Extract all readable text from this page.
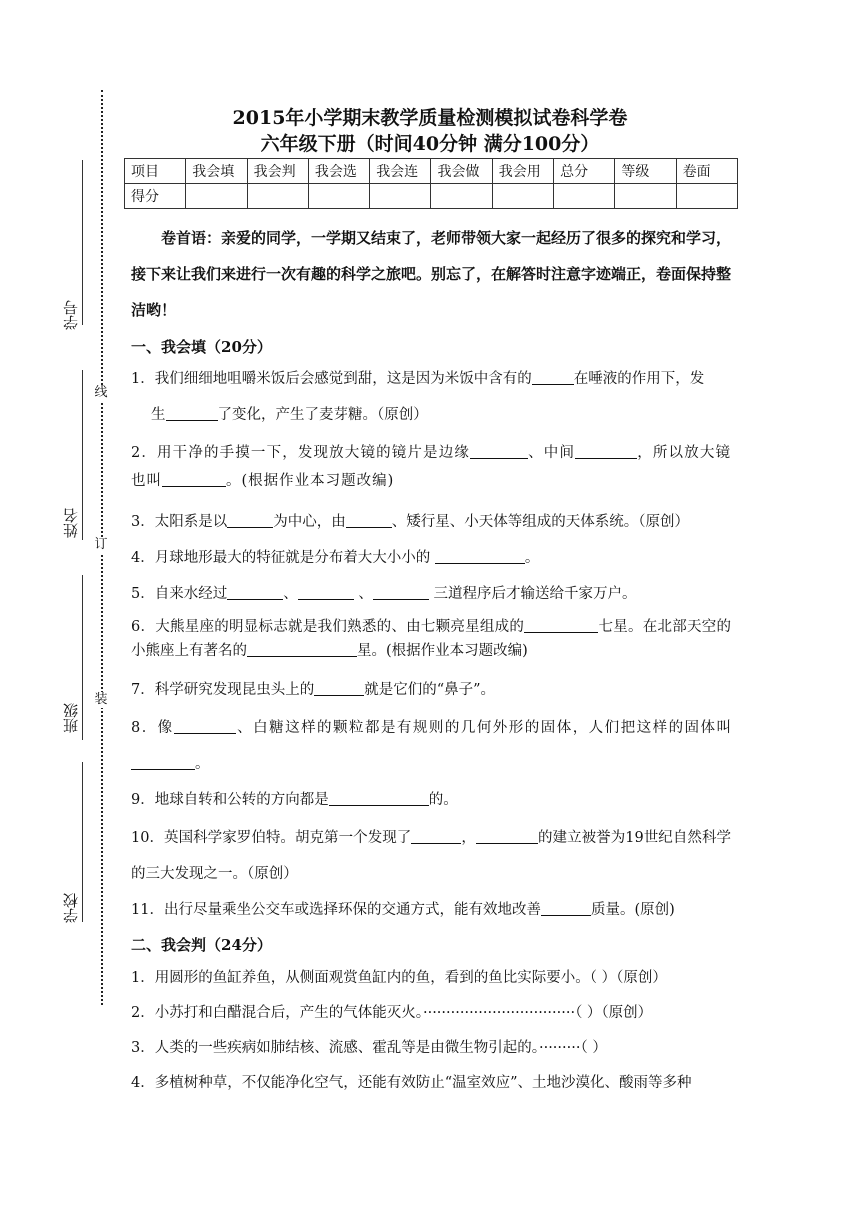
学号
姓名
班级
学校
线
订
装
2015年小学期末教学质量检测模拟试卷科学卷
六年级下册（时间40分钟 满分100分）
项目	我会填	我会判	我会选	我会连	我会做	我会用	总分	等级	卷面
得分									

卷首语：亲爱的同学，一学期又结束了，老师带领大家一起经历了很多的探究和学习，接下来让我们来进行一次有趣的科学之旅吧。别忘了，在解答时注意字迹端正，卷面保持整洁哟！

一、我会填（20分）
1．我们细细地咀嚼米饭后会感觉到甜，这是因为米饭中含有的	在唾液的作用下，发
生	了变化，产生了麦芽糖。（原创）
2．用干净的手摸一下，发现放大镜的镜片是边缘	、中间	，所以放大镜也叫	。(根据作业本习题改编)
3．太阳系是以	为中心，由	、矮行星、小天体等组成的天体系统。（原创）
4．月球地形最大的特征就是分布着大大小小的	。
5．自来水经过	、	、	三道程序后才输送给千家万户。
6．大熊星座的明显标志就是我们熟悉的、由七颗亮星组成的	七星。在北部天空的小熊座上有著名的	星。(根据作业本习题改编)
7．科学研究发现昆虫头上的	就是它们的“鼻子”。
8．像	、白糖这样的颗粒都是有规则的几何外形的固体，人们把这样的固体叫。
9．地球自转和公转的方向都是	的。
10．英国科学家罗伯特。胡克第一个发现了	，	的建立被誉为19世纪自然科学的三大发现之一。（原创）
11．出行尽量乘坐公交车或选择环保的交通方式，能有效地改善	质量。(原创)
二、我会判（24分）
1．用圆形的鱼缸养鱼，从侧面观赏鱼缸内的鱼，看到的鱼比实际要小。（ ）（原创）
2．小苏打和白醋混合后，产生的气体能灭火。·································（ ）（原创）
3．人类的一些疾病如肺结核、流感、霍乱等是由微生物引起的。·········（ ）
4．多植树种草，不仅能净化空气，还能有效防止“温室效应”、土地沙漠化、酸雨等多种
